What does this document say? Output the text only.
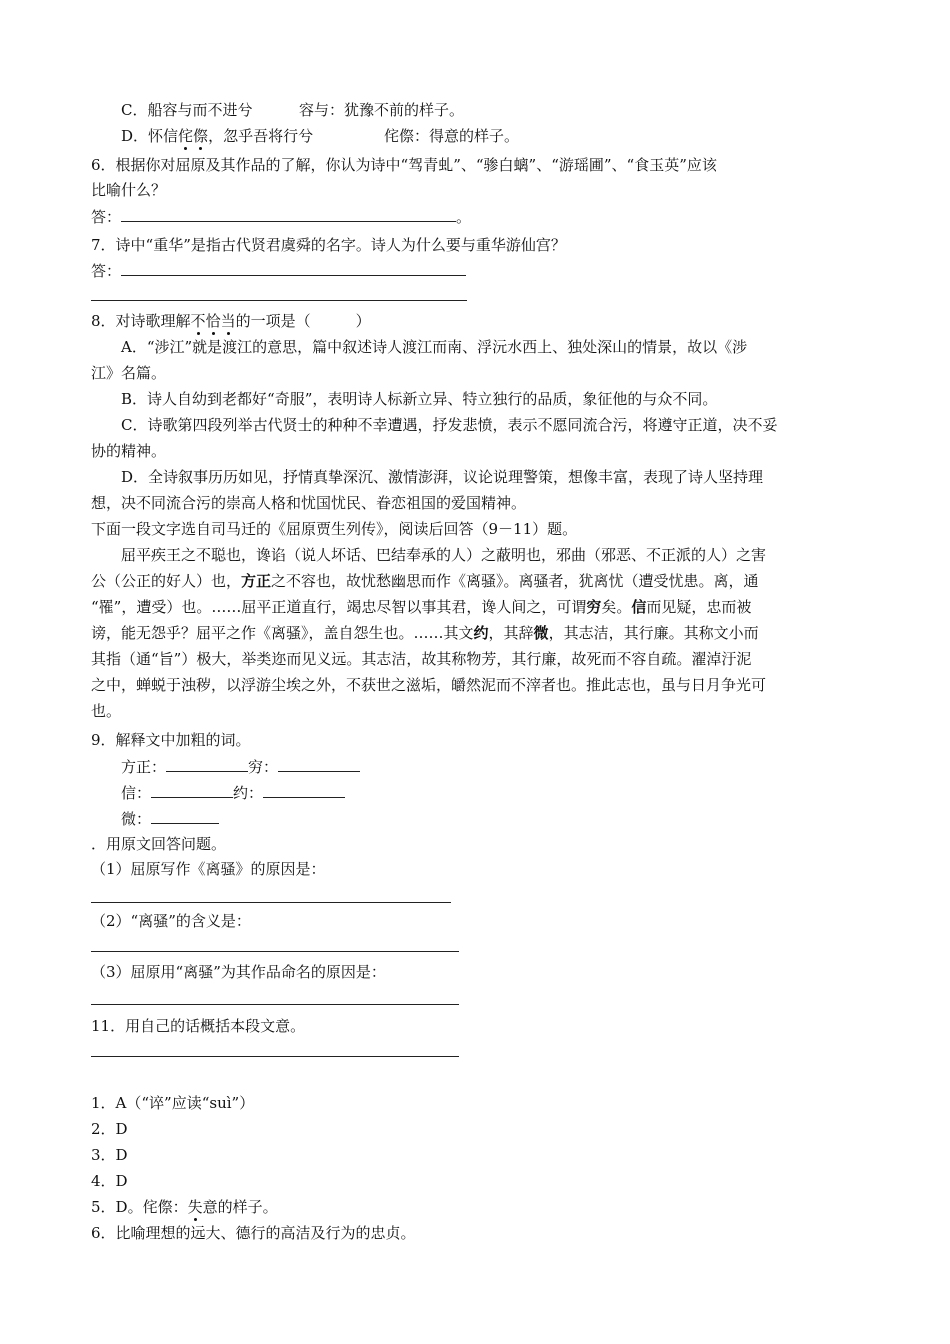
C．船容与而不进兮	容与：犹豫不前的样子。
D．怀信侘傺，忽乎吾将行兮	侘傺：得意的样子。
6．根据你对屈原及其作品的了解，你认为诗中“驾青虬”、“骖白螭”、“游瑶圃”、“食玉英”应该
比喻什么？
答：	。
7．诗中“重华”是指古代贤君虞舜的名字。诗人为什么要与重华游仙宫？
答：
8．对诗歌理解不恰当的一项是（　　　）
A．“涉江”就是渡江的意思，篇中叙述诗人渡江而南、浮沅水西上、独处深山的情景，故以《涉
江》名篇。
B．诗人自幼到老都好“奇服”，表明诗人标新立异、特立独行的品质，象征他的与众不同。
C．诗歌第四段列举古代贤士的种种不幸遭遇，抒发悲愤，表示不愿同流合污，将遵守正道，决不妥
协的精神。
D．全诗叙事历历如见，抒情真挚深沉、激情澎湃，议论说理警策，想像丰富，表现了诗人坚持理
想，决不同流合污的崇高人格和忧国忧民、眷恋祖国的爱国精神。
下面一段文字选自司马迁的《屈原贾生列传》，阅读后回答（9－11）题。
屈平疾王之不聪也，谗谄（说人坏话、巴结奉承的人）之蔽明也，邪曲（邪恶、不正派的人）之害
公（公正的好人）也，方正之不容也，故忧愁幽思而作《离骚》。离骚者，犹离忧（遭受忧患。离，通
“罹”，遭受）也。……屈平正道直行，竭忠尽智以事其君，谗人间之，可谓穷矣。信而见疑，忠而被
谤，能无怨乎？屈平之作《离骚》，盖自怨生也。……其文约，其辞微，其志洁，其行廉。其称文小而
其指（通“旨”）极大，举类迩而见义远。其志洁，故其称物芳，其行廉，故死而不容自疏。濯淖汙泥
之中，蝉蜕于浊秽，以浮游尘埃之外，不获世之滋垢，皭然泥而不滓者也。推此志也，虽与日月争光可
也。
9．解释文中加粗的词。
方正：	穷：
信：	约：
微：
．用原文回答问题。
（1）屈原写作《离骚》的原因是：
（2）“离骚”的含义是：
（3）屈原用“离骚”为其作品命名的原因是：
11．用自己的话概括本段文意。
1．A（“谇”应读“suì”）
2．D
3．D
4．D
5．D。侘傺：失意的样子。
6．比喻理想的远大、德行的高洁及行为的忠贞。
